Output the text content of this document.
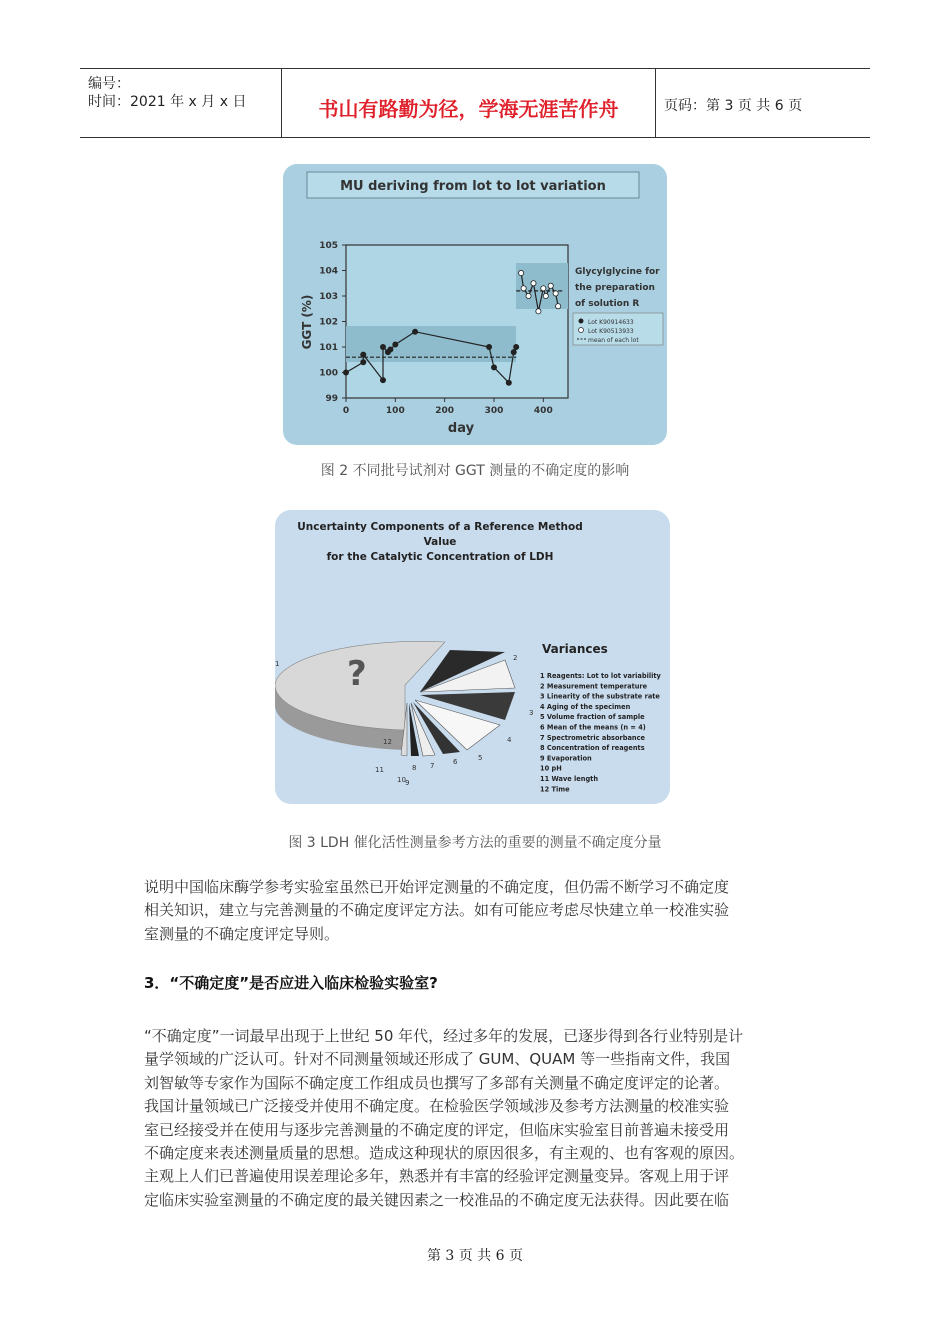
编号：
时间：2021 年 x 月 x 日	书山有路勤为径，学海无涯苦作舟	页码：第 3 页 共 6 页
MU deriving from lot to lot variation
99
100
101
102
103
104
105
0	100	200	300	400
GGT (%)
day
Glycylglycine for
the preparation
of solution R
Lot K90914633
Lot K90513933
mean of each lot
图 2 不同批号试剂对 GGT 测量的不确定度的影响
Uncertainty Components of a Reference Method
Value
for the Catalytic Concentration of LDH
?
1
2
3
4
5
6
7
8
9
10
11
12
Variances
1 Reagents: Lot to lot variability
2 Measurement temperature
3 Linearity of the substrate rate
4 Aging of the specimen
5 Volume fraction of sample
6 Mean of the means (n = 4)
7 Spectrometric absorbance
8 Concentration of reagents
9 Evaporation
10 pH
11 Wave length
12 Time
图 3 LDH 催化活性测量参考方法的重要的测量不确定度分量
说明中国临床酶学参考实验室虽然已开始评定测量的不确定度，但仍需不断学习不确定度
相关知识，建立与完善测量的不确定度评定方法。如有可能应考虑尽快建立单一校准实验
室测量的不确定度评定导则。
3．“不确定度”是否应进入临床检验实验室?
“不确定度”一词最早出现于上世纪 50 年代，经过多年的发展，已逐步得到各行业特别是计
量学领域的广泛认可。针对不同测量领域还形成了 GUM、QUAM 等一些指南文件，我国
刘智敏等专家作为国际不确定度工作组成员也撰写了多部有关测量不确定度评定的论著。
我国计量领域已广泛接受并使用不确定度。在检验医学领域涉及参考方法测量的校准实验
室已经接受并在使用与逐步完善测量的不确定度的评定，但临床实验室目前普遍未接受用
不确定度来表述测量质量的思想。造成这种现状的原因很多，有主观的、也有客观的原因。
主观上人们已普遍使用误差理论多年，熟悉并有丰富的经验评定测量变异。客观上用于评
定临床实验室测量的不确定度的最关键因素之一校准品的不确定度无法获得。因此要在临
第 3 页 共 6 页
